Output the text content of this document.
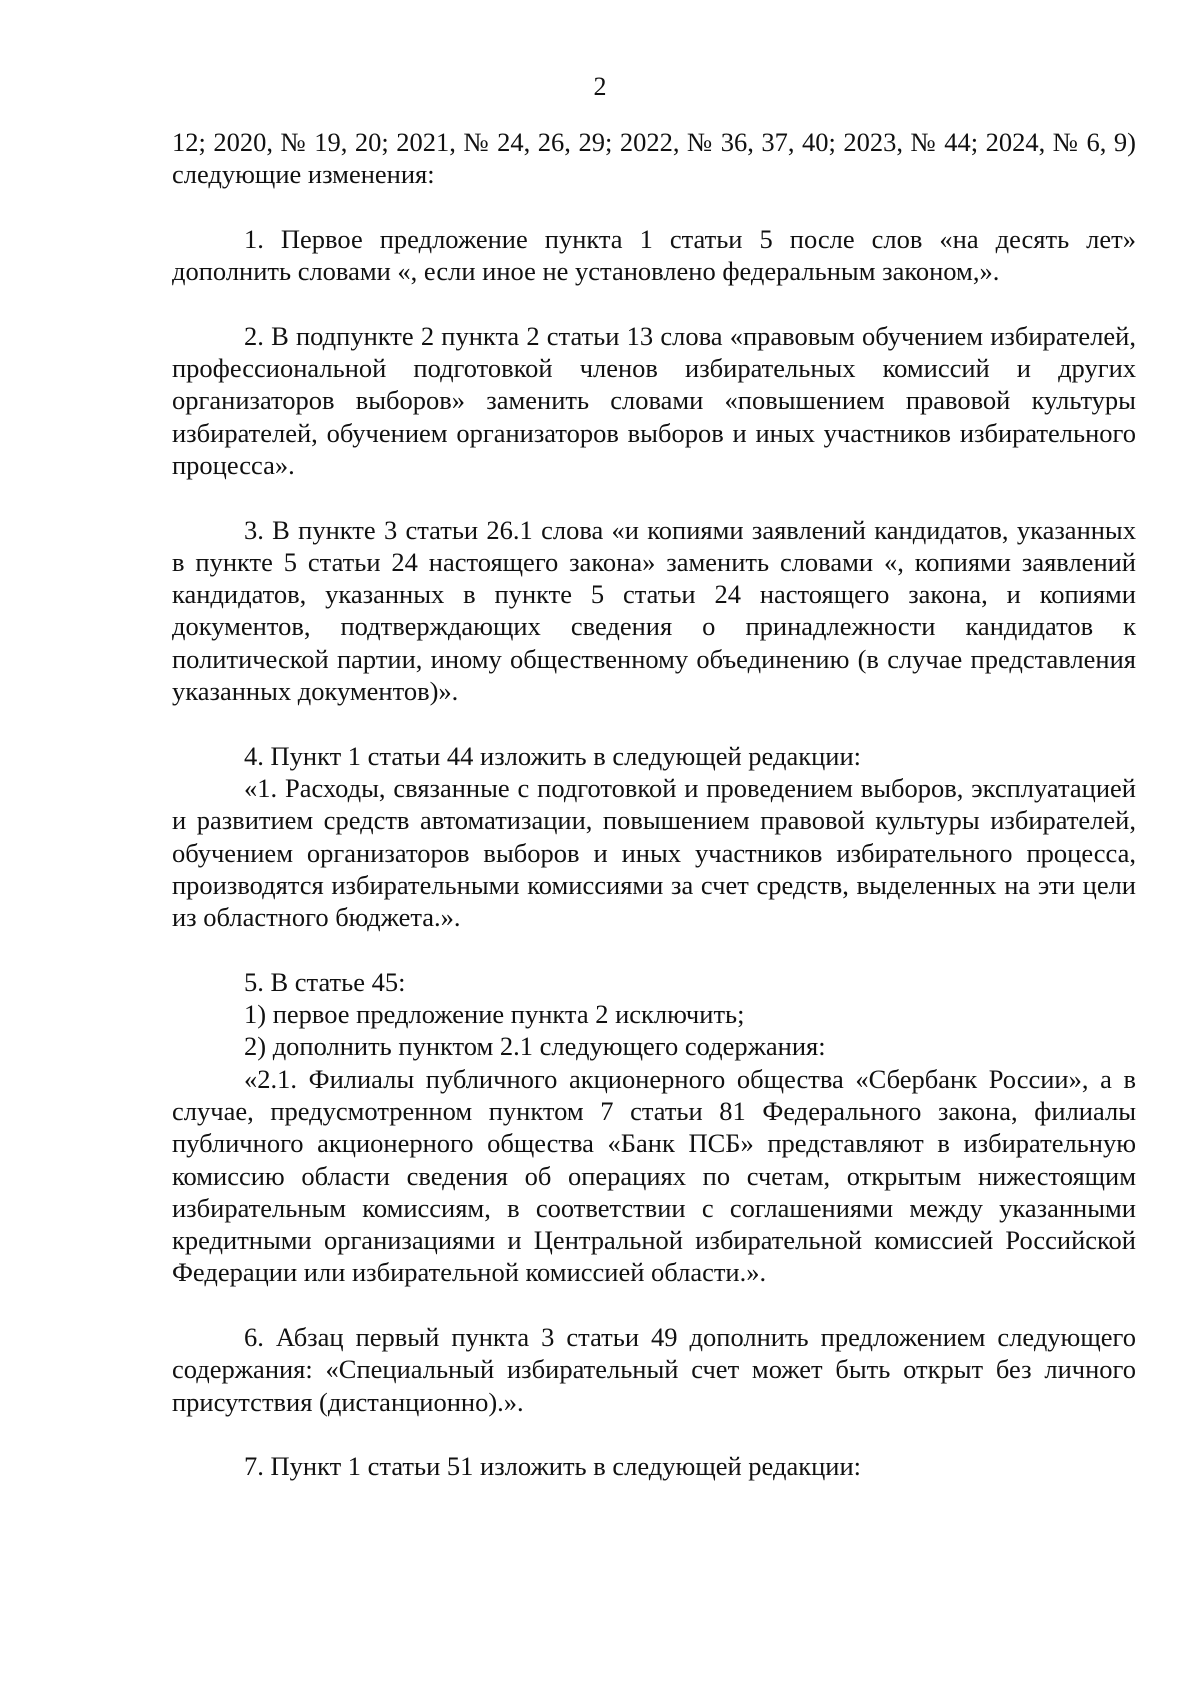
2

12; 2020, № 19, 20; 2021, № 24, 26, 29; 2022, № 36, 37, 40; 2023, № 44; 2024, № 6, 9) следующие изменения:

1. Первое предложение пункта 1 статьи 5 после слов «на десять лет» дополнить словами «, если иное не установлено федеральным законом,».

2. В подпункте 2 пункта 2 статьи 13 слова «правовым обучением избирателей, профессиональной подготовкой членов избирательных комиссий и других организаторов выборов» заменить словами «повышением правовой культуры избирателей, обучением организаторов выборов и иных участников избирательного процесса».

3. В пункте 3 статьи 26.1 слова «и копиями заявлений кандидатов, указанных в пункте 5 статьи 24 настоящего закона» заменить словами «, копиями заявлений кандидатов, указанных в пункте 5 статьи 24 настоящего закона, и копиями документов, подтверждающих сведения о принадлежности кандидатов к политической партии, иному общественному объединению (в случае представления указанных документов)».

4. Пункт 1 статьи 44 изложить в следующей редакции:

«1. Расходы, связанные с подготовкой и проведением выборов, эксплуатацией и развитием средств автоматизации, повышением правовой культуры избирателей, обучением организаторов выборов и иных участников избирательного процесса, производятся избирательными комиссиями за счет средств, выделенных на эти цели из областного бюджета.».

5. В статье 45:

1) первое предложение пункта 2 исключить;

2) дополнить пунктом 2.1 следующего содержания:

«2.1. Филиалы публичного акционерного общества «Сбербанк России», а в случае, предусмотренном пунктом 7 статьи 81 Федерального закона, филиалы публичного акционерного общества «Банк ПСБ» представляют в избирательную комиссию области сведения об операциях по счетам, открытым нижестоящим избирательным комиссиям, в соответствии с соглашениями между указанными кредитными организациями и Центральной избирательной комиссией Российской Федерации или избирательной комиссией области.».

6. Абзац первый пункта 3 статьи 49 дополнить предложением следующего содержания: «Специальный избирательный счет может быть открыт без личного присутствия (дистанционно).».

7. Пункт 1 статьи 51 изложить в следующей редакции:
